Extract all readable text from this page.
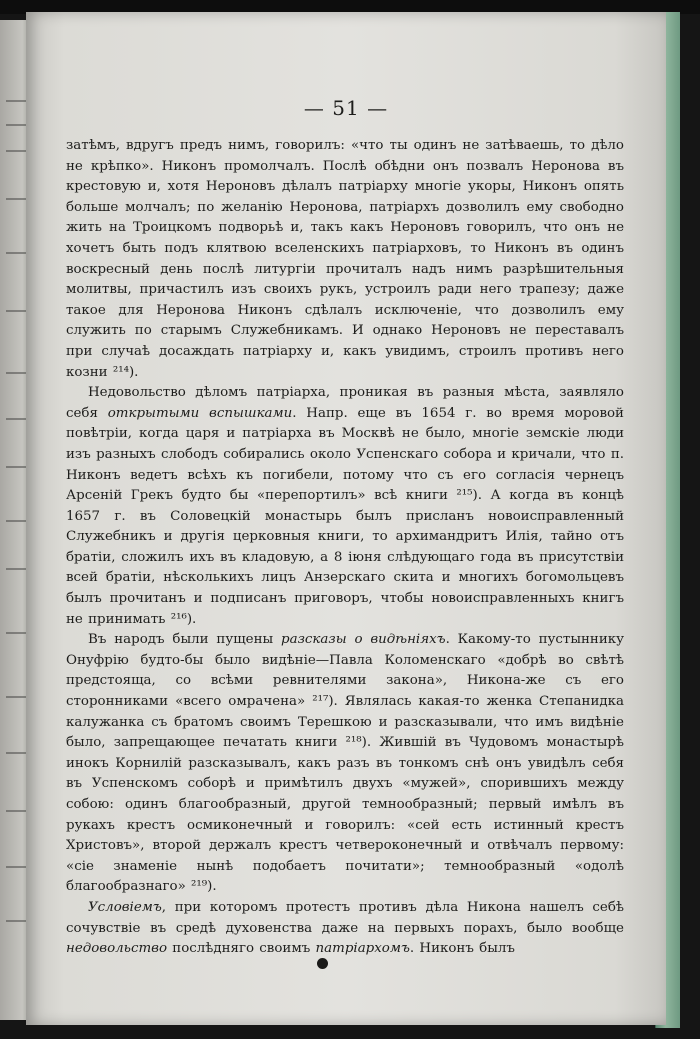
— 51 —

затѣмъ, вдругъ предъ нимъ, говорилъ: «что ты одинъ не затѣваешь, то дѣло не крѣпко». Никонъ промолчалъ. Послѣ обѣдни онъ позвалъ Неронова въ крестовую и, хотя Нероновъ дѣлалъ патріарху многіе укоры, Никонъ опять больше молчалъ; по желанію Неронова, патріархъ дозволилъ ему свободно жить на Троицкомъ подворьѣ и, такъ какъ Нероновъ говорилъ, что онъ не хочетъ быть подъ клятвою вселенскихъ патріарховъ, то Никонъ въ одинъ воскресный день послѣ литургіи прочиталъ надъ нимъ разрѣшительныя молитвы, причастилъ изъ своихъ рукъ, устроилъ ради него трапезу; даже такое для Неронова Никонъ сдѣлалъ исключеніе, что дозволилъ ему служить по старымъ Служебникамъ. И однако Нероновъ не переставалъ при случаѣ досаждать патріарху и, какъ увидимъ, строилъ противъ него козни ²¹⁴).

Недовольство дѣломъ патріарха, проникая въ разныя мѣста, заявляло себя открытыми вспышками. Напр. еще въ 1654 г. во время моровой повѣтріи, когда царя и патріарха въ Москвѣ не было, многіе земскіе люди изъ разныхъ слободъ собирались около Успенскаго собора и кричали, что п. Никонъ ведетъ всѣхъ къ погибели, потому что съ его согласія чернецъ Арсеній Грекъ будто бы «перепортилъ» всѣ книги ²¹⁵). А когда въ концѣ 1657 г. въ Соловецкій монастырь былъ присланъ новоисправленный Служебникъ и другія церковныя книги, то архимандритъ Илія, тайно отъ братіи, сложилъ ихъ въ кладовую, а 8 іюня слѣдующаго года въ присутствіи всей братіи, нѣсколькихъ лицъ Анзерскаго скита и многихъ богомольцевъ былъ прочитанъ и подписанъ приговоръ, чтобы новоисправленныхъ книгъ не принимать ²¹⁶).

Въ народъ были пущены разсказы о видѣніяхъ. Какому-то пустыннику Онуфрію будто-бы было видѣніе—Павла Коломенскаго «добрѣ во свѣтѣ предстояща, со всѣми ревнителями закона», Никона-же съ его сторонниками «всего омрачена» ²¹⁷). Являлась какая-то женка Степанидка калужанка съ братомъ своимъ Терешкою и разсказывали, что имъ видѣніе было, запрещающее печатать книги ²¹⁸). Жившій въ Чудовомъ монастырѣ инокъ Корнилій разсказывалъ, какъ разъ въ тонкомъ снѣ онъ увидѣлъ себя въ Успенскомъ соборѣ и примѣтилъ двухъ «мужей», спорившихъ между собою: одинъ благообразный, другой темнообразный; первый имѣлъ въ рукахъ крестъ осмиконечный и говорилъ: «сей есть истинный крестъ Христовъ», второй держалъ крестъ четвероконечный и отвѣчалъ первому: «сіе знаменіе нынѣ подобаетъ почитати»; темнообразный «одолѣ благообразнаго» ²¹⁹).

Условіемъ, при которомъ протестъ противъ дѣла Никона нашелъ себѣ сочувствіе въ средѣ духовенства даже на первыхъ порахъ, было вообще недовольство послѣдняго своимъ патріархомъ. Никонъ былъ
